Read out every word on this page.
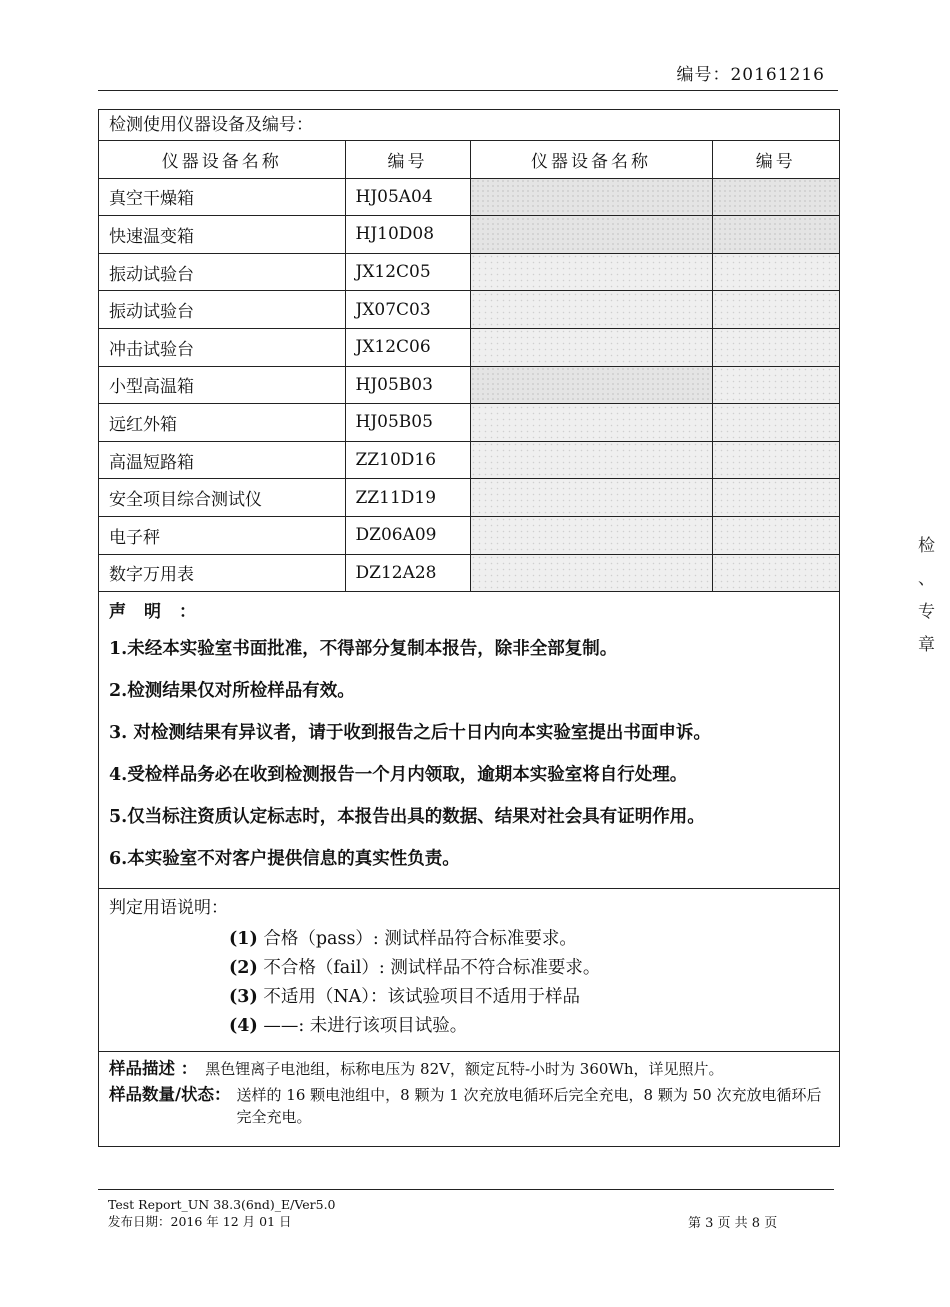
编号：20161216
检测使用仪器设备及编号：
仪器设备名称	编号	仪器设备名称	编号
真空干燥箱	HJ05A04		
快速温变箱	HJ10D08		
振动试验台	JX12C05		
振动试验台	JX07C03		
冲击试验台	JX12C06		
小型高温箱	HJ05B03		
远红外箱	HJ05B05		
高温短路箱	ZZ10D16		
安全项目综合测试仪	ZZ11D19		
电子秤	DZ06A09		
数字万用表	DZ12A28		
声明：
1.未经本实验室书面批准，不得部分复制本报告，除非全部复制。
2.检测结果仅对所检样品有效。
3. 对检测结果有异议者，请于收到报告之后十日内向本实验室提出书面申诉。
4.受检样品务必在收到检测报告一个月内领取，逾期本实验室将自行处理。
5.仅当标注资质认定标志时，本报告出具的数据、结果对社会具有证明作用。
6.本实验室不对客户提供信息的真实性负责。
判定用语说明：
(1) 合格（pass）: 测试样品符合标准要求。
(2) 不合格（fail）: 测试样品不符合标准要求。
(3) 不适用（NA）：该试验项目不适用于样品
(4) ——: 未进行该项目试验。
样品描述 ： 黑色锂离子电池组，标称电压为 82V，额定瓦特-小时为 360Wh，详见照片。
样品数量/状态： 送样的 16 颗电池组中，8 颗为 1 次充放电循环后完全充电，8 颗为 50 次充放电循环后完全充电。
Test Report_UN 38.3(6nd)_E/Ver5.0
发布日期：2016 年 12 月 01 日	第 3 页 共 8 页
检
、
专
章
